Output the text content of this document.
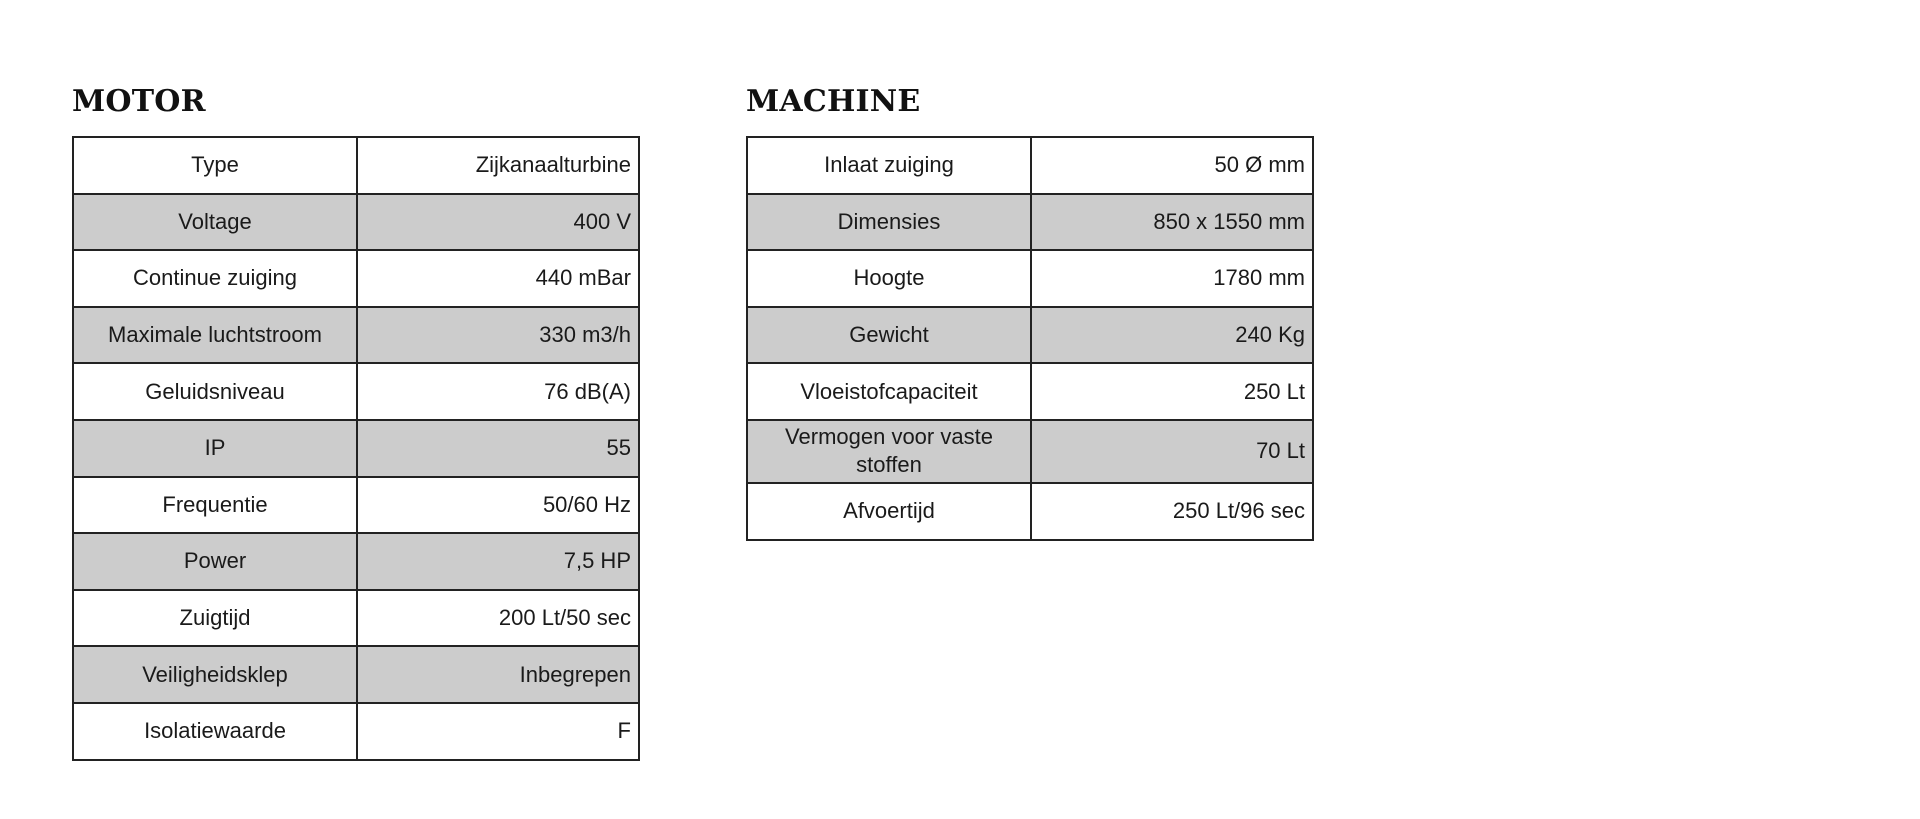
MOTOR
Type	Zijkanaalturbine
Voltage	400 V
Continue zuiging	440 mBar
Maximale luchtstroom	330 m3/h
Geluidsniveau	76 dB(A)
IP	55
Frequentie	50/60 Hz
Power	7,5 HP
Zuigtijd	200 Lt/50 sec
Veiligheidsklep	Inbegrepen
Isolatiewaarde	F
MACHINE
Inlaat zuiging	50 Ø mm
Dimensies	850 x 1550 mm
Hoogte	1780 mm
Gewicht	240 Kg
Vloeistofcapaciteit	250 Lt
Vermogen voor vaste stoffen	70 Lt
Afvoertijd	250 Lt/96 sec
